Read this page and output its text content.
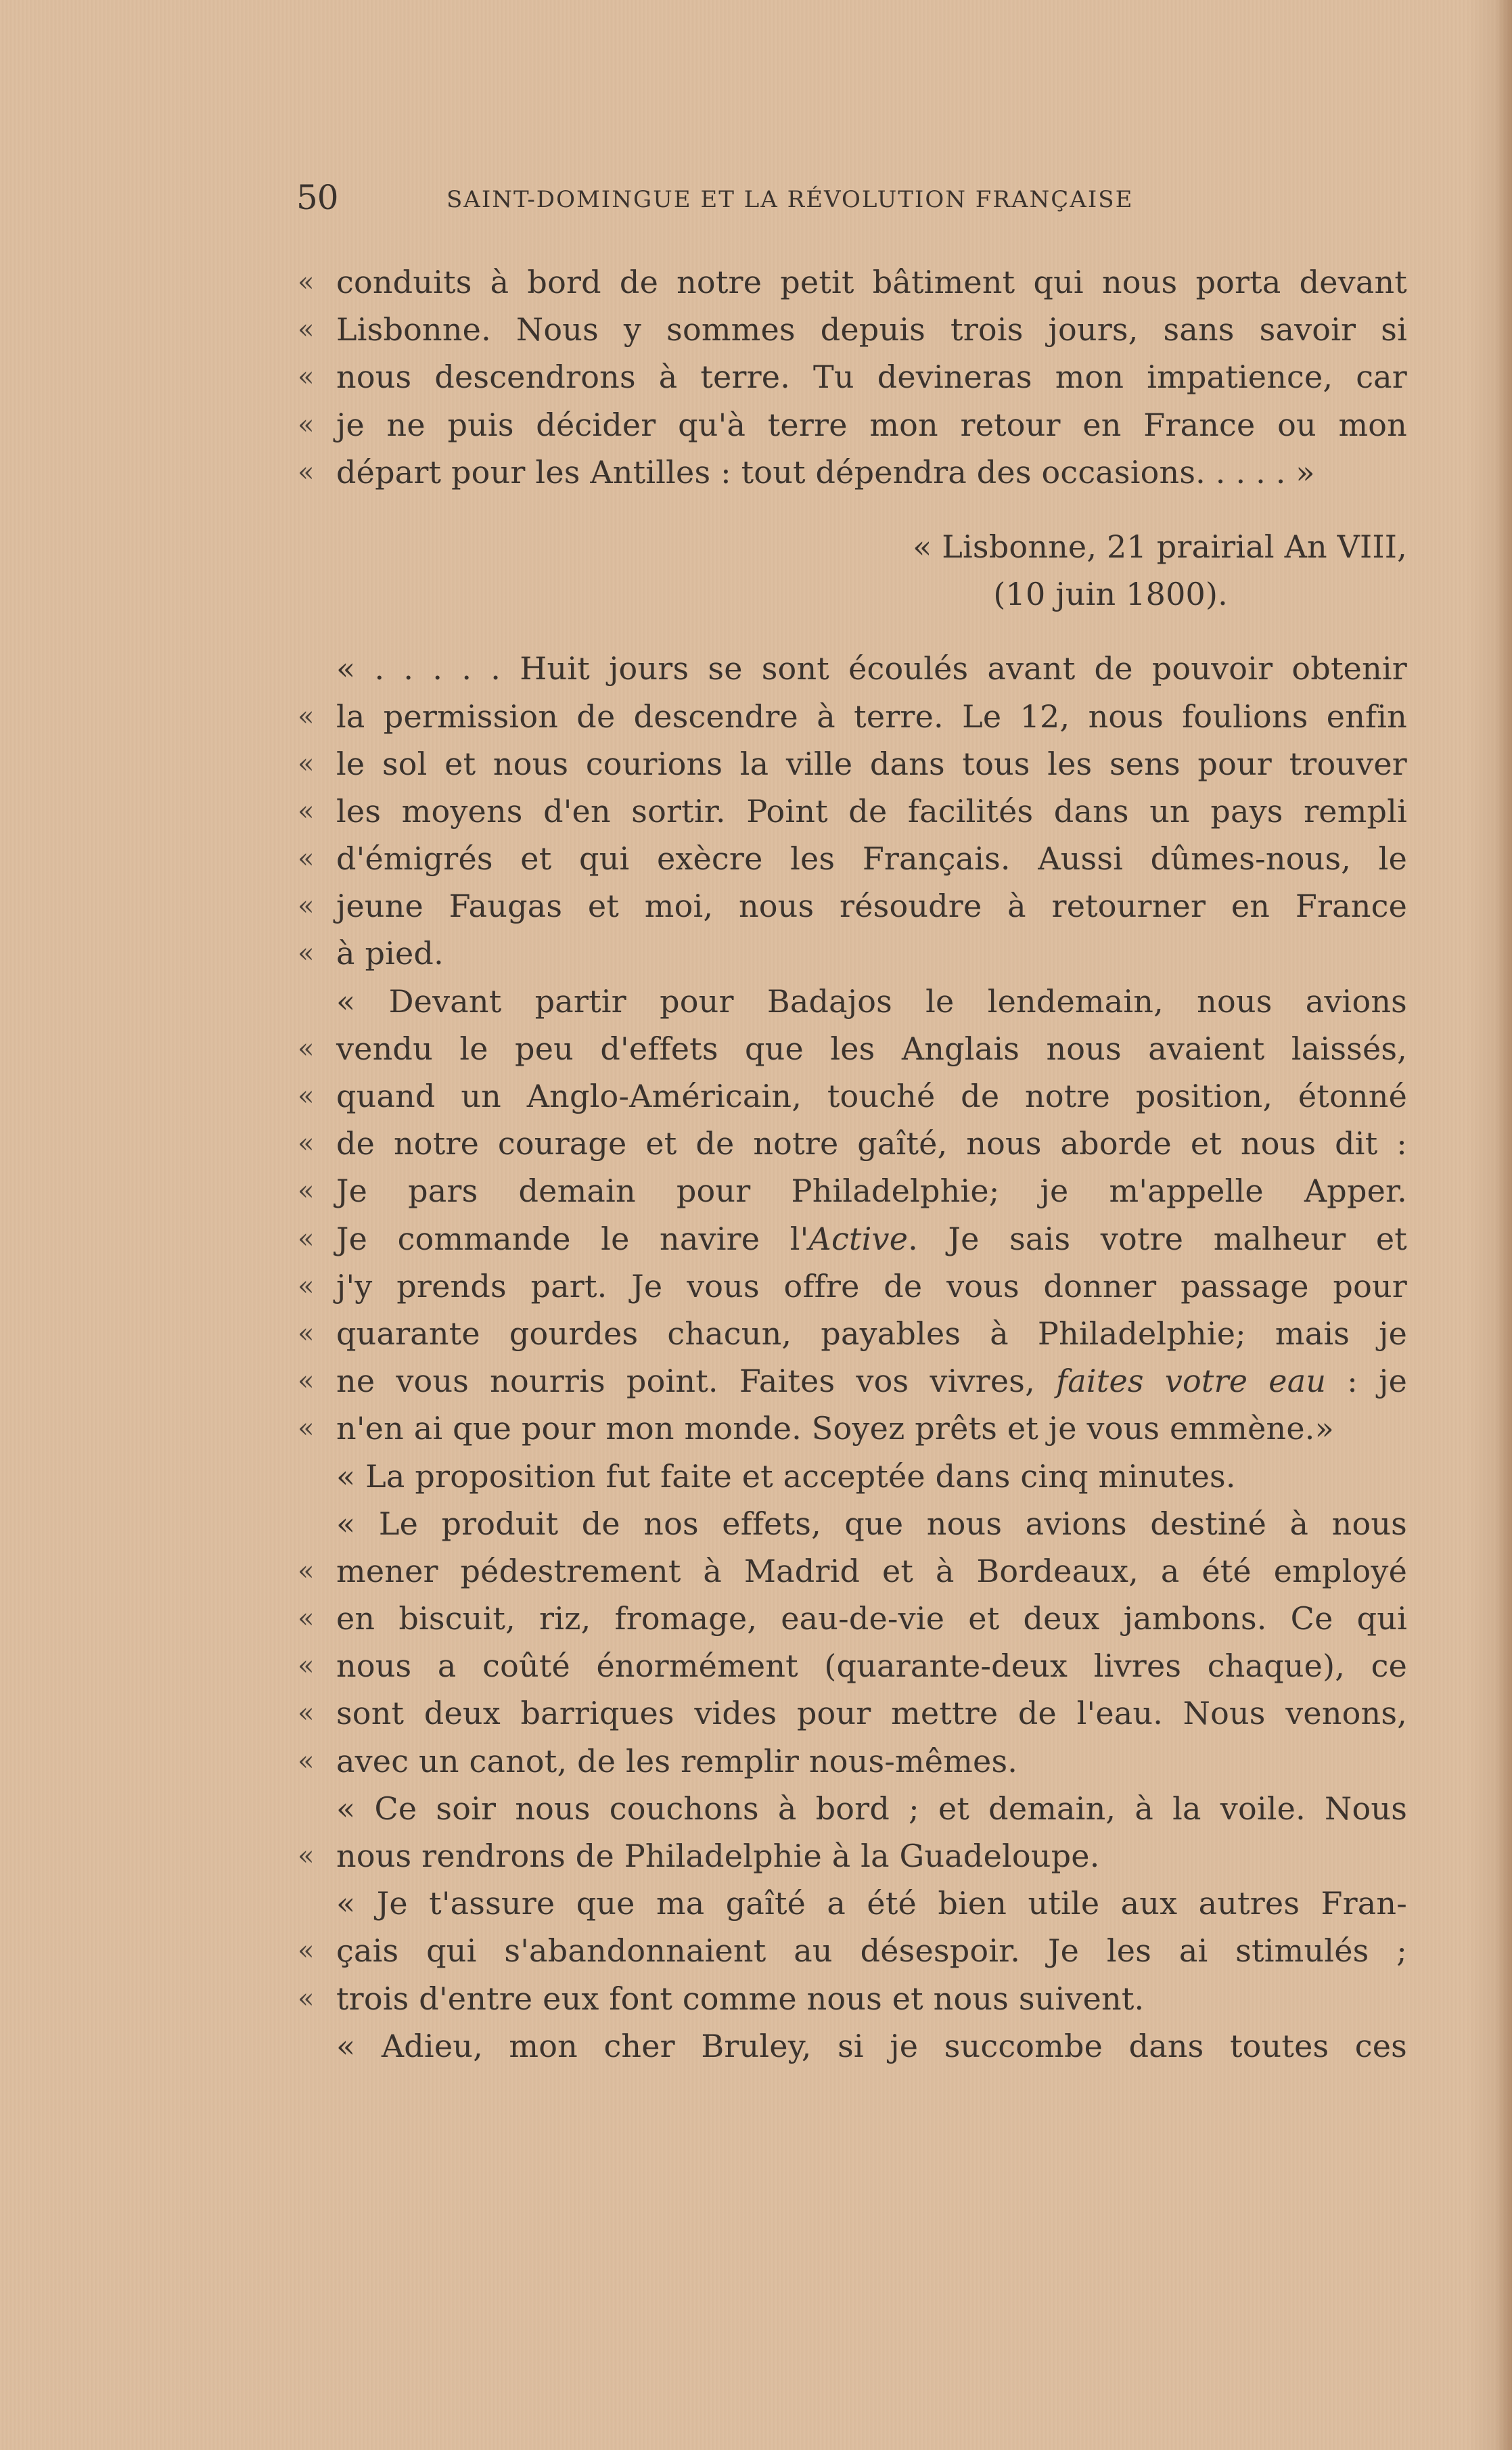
50	SAINT-DOMINGUE ET LA RÉVOLUTION FRANÇAISE
« conduits à bord de notre petit bâtiment qui nous porta devant
« Lisbonne. Nous y sommes depuis trois jours, sans savoir si
« nous descendrons à terre. Tu devineras mon impatience, car
« je ne puis décider qu'à terre mon retour en France ou mon
« départ pour les Antilles : tout dépendra des occasions. . . . . »
« Lisbonne, 21 prairial An VIII,
(10 juin 1800).
« . . . . . Huit jours se sont écoulés avant de pouvoir obtenir
« la permission de descendre à terre. Le 12, nous foulions enfin
« le sol et nous courions la ville dans tous les sens pour trouver
« les moyens d'en sortir. Point de facilités dans un pays rempli
« d'émigrés et qui exècre les Français. Aussi dûmes-nous, le
« jeune Faugas et moi, nous résoudre à retourner en France
« à pied.
« Devant partir pour Badajos le lendemain, nous avions
« vendu le peu d'effets que les Anglais nous avaient laissés,
« quand un Anglo-Américain, touché de notre position, étonné
« de notre courage et de notre gaîté, nous aborde et nous dit :
« Je pars demain pour Philadelphie; je m'appelle Apper.
« Je commande le navire l'Active. Je sais votre malheur et
« j'y prends part. Je vous offre de vous donner passage pour
« quarante gourdes chacun, payables à Philadelphie; mais je
« ne vous nourris point. Faites vos vivres, faites votre eau : je
« n'en ai que pour mon monde. Soyez prêts et je vous emmène.»
« La proposition fut faite et acceptée dans cinq minutes.
« Le produit de nos effets, que nous avions destiné à nous
« mener pédestrement à Madrid et à Bordeaux, a été employé
« en biscuit, riz, fromage, eau-de-vie et deux jambons. Ce qui
« nous a coûté énormément (quarante-deux livres chaque), ce
« sont deux barriques vides pour mettre de l'eau. Nous venons,
« avec un canot, de les remplir nous-mêmes.
« Ce soir nous couchons à bord ; et demain, à la voile. Nous
« nous rendrons de Philadelphie à la Guadeloupe.
« Je t'assure que ma gaîté a été bien utile aux autres Fran-
« çais qui s'abandonnaient au désespoir. Je les ai stimulés ;
« trois d'entre eux font comme nous et nous suivent.
« Adieu, mon cher Bruley, si je succombe dans toutes ces
